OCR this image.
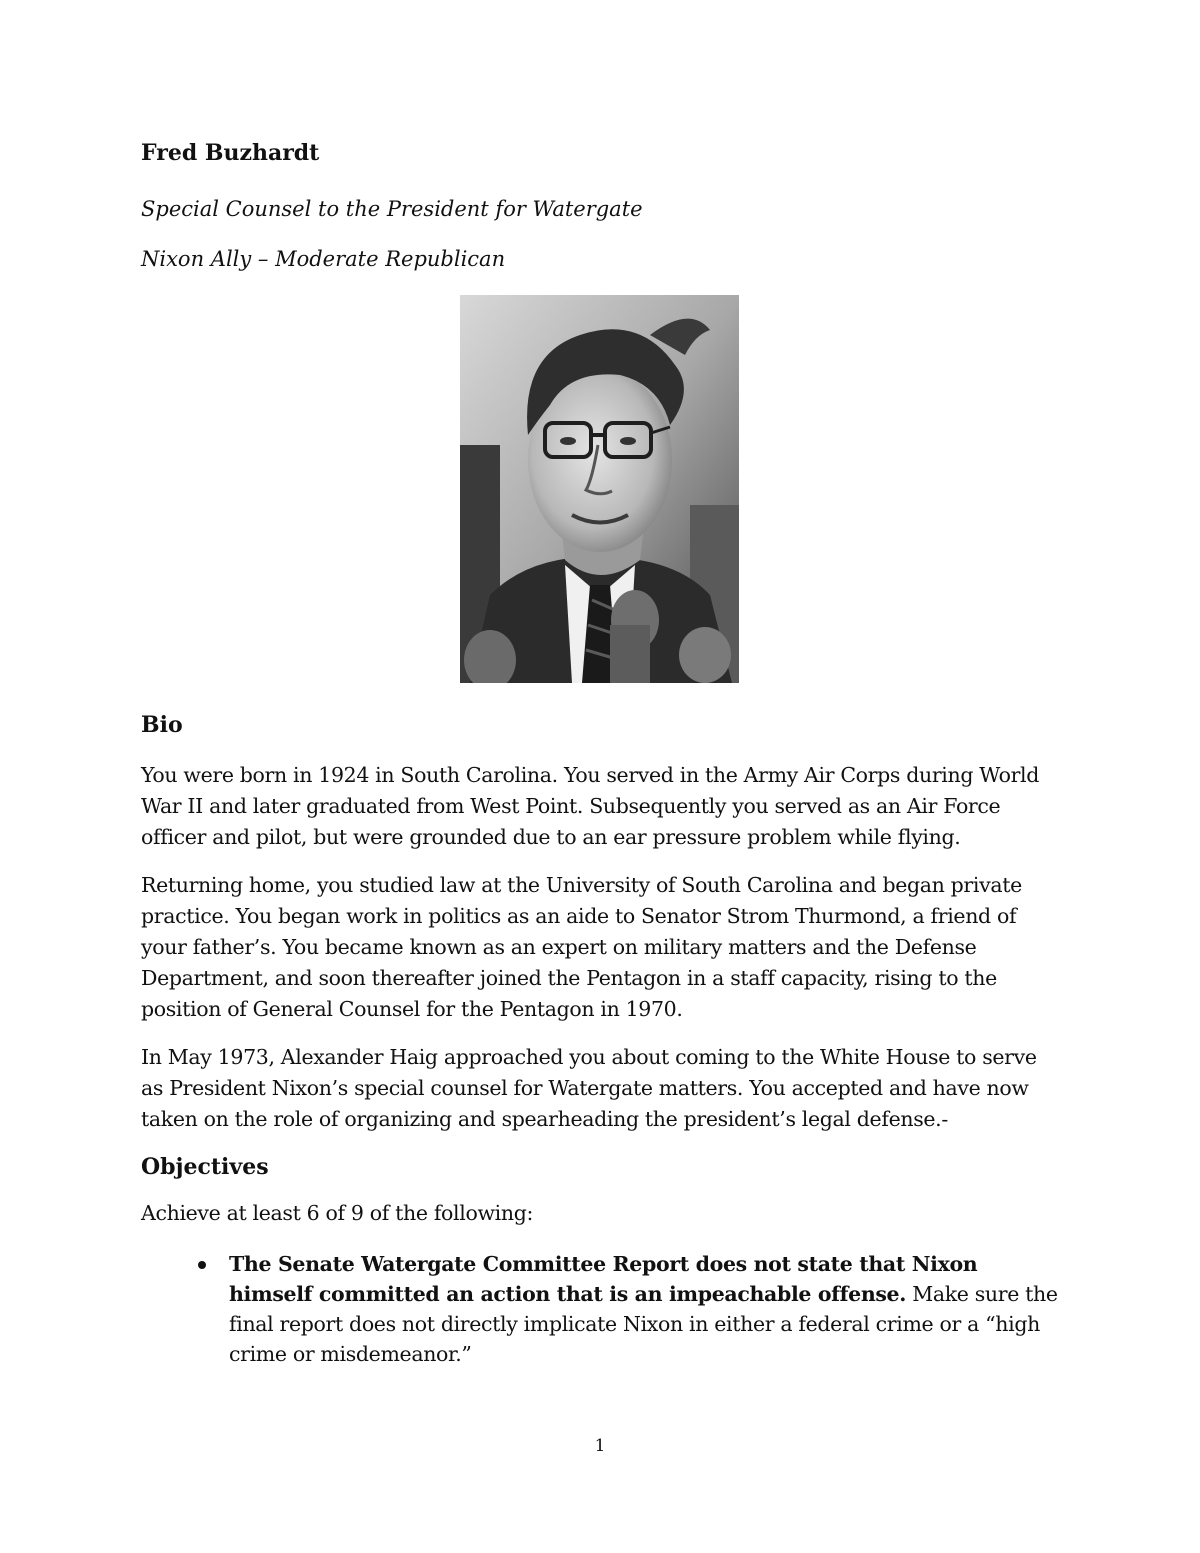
Fred Buzhardt

Special Counsel to the President for Watergate

Nixon Ally – Moderate Republican

Bio

You were born in 1924 in South Carolina. You served in the Army Air Corps during World War II and later graduated from West Point. Subsequently you served as an Air Force officer and pilot, but were grounded due to an ear pressure problem while flying.

Returning home, you studied law at the University of South Carolina and began private practice. You began work in politics as an aide to Senator Strom Thurmond, a friend of your father’s. You became known as an expert on military matters and the Defense Department, and soon thereafter joined the Pentagon in a staff capacity, rising to the position of General Counsel for the Pentagon in 1970.

In May 1973, Alexander Haig approached you about coming to the White House to serve as President Nixon’s special counsel for Watergate matters. You accepted and have now taken on the role of organizing and spearheading the president’s legal defense.-

Objectives

Achieve at least 6 of 9 of the following:

The Senate Watergate Committee Report does not state that Nixon himself committed an action that is an impeachable offense. Make sure the final report does not directly implicate Nixon in either a federal crime or a “high crime or misdemeanor.”
1
